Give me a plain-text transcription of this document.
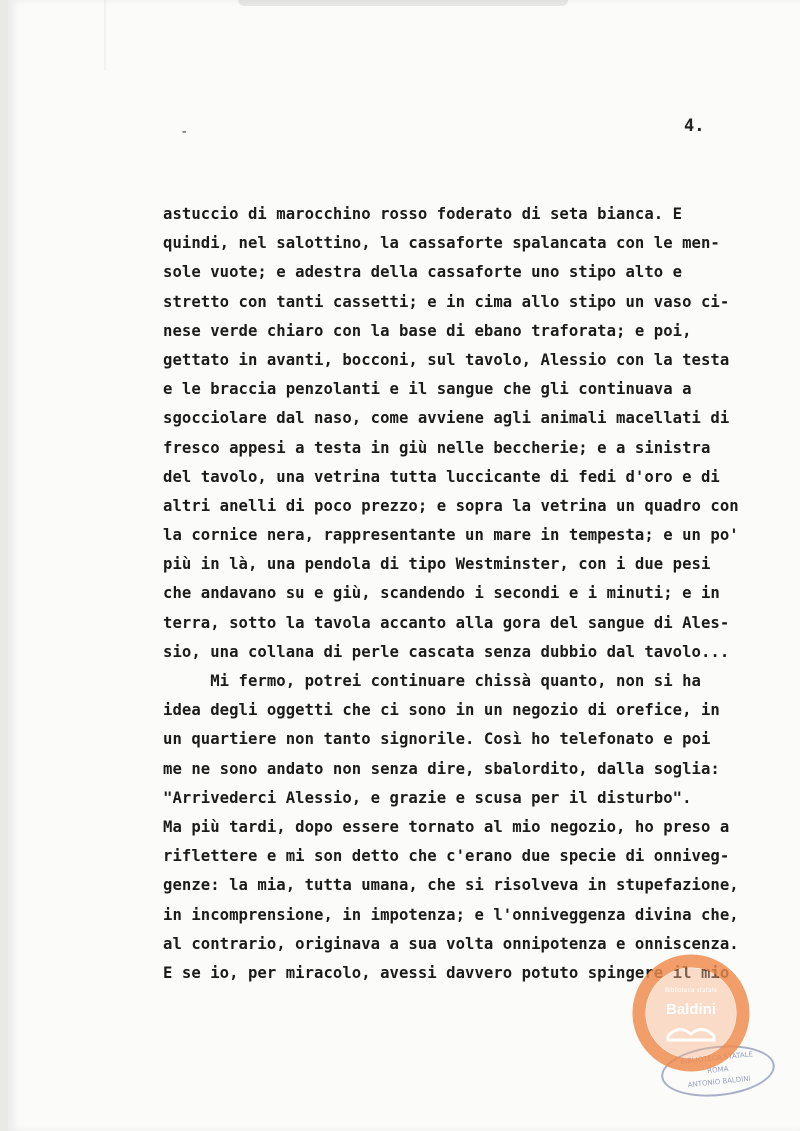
-	4.
astuccio di marocchino rosso foderato di seta bianca. E
quindi, nel salottino, la cassaforte spalancata con le men-
sole vuote; e adestra della cassaforte uno stipo alto e
stretto con tanti cassetti; e in cima allo stipo un vaso ci-
nese verde chiaro con la base di ebano traforata; e poi,
gettato in avanti, bocconi, sul tavolo, Alessio con la testa
e le braccia penzolanti e il sangue che gli continuava a
sgocciolare dal naso, come avviene agli animali macellati di
fresco appesi a testa in giù nelle beccherie; e a sinistra
del tavolo, una vetrina tutta luccicante di fedi d'oro e di
altri anelli di poco prezzo; e sopra la vetrina un quadro con
la cornice nera, rappresentante un mare in tempesta; e un po'
più in là, una pendola di tipo Westminster, con i due pesi
che andavano su e giù, scandendo i secondi e i minuti; e in
terra, sotto la tavola accanto alla gora del sangue di Ales-
sio, una collana di perle cascata senza dubbio dal tavolo...
Mi fermo, potrei continuare chissà quanto, non si ha
idea degli oggetti che ci sono in un negozio di orefice, in
un quartiere non tanto signorile. Così ho telefonato e poi
me ne sono andato non senza dire, sbalordito, dalla soglia:
"Arrivederci Alessio, e grazie e scusa per il disturbo".
Ma più tardi, dopo essere tornato al mio negozio, ho preso a
riflettere e mi son detto che c'erano due specie di onniveg-
genze: la mia, tutta umana, che si risolveva in stupefazione,
in incomprensione, in impotenza; e l'onniveggenza divina che,
al contrario, originava a sua volta onnipotenza e onniscenza.
E se io, per miracolo, avessi davvero potuto spingere il mio
BIBLIOTECA STATALE
ROMA
ANTONIO BALDINI
Biblioteca statale
Baldini
